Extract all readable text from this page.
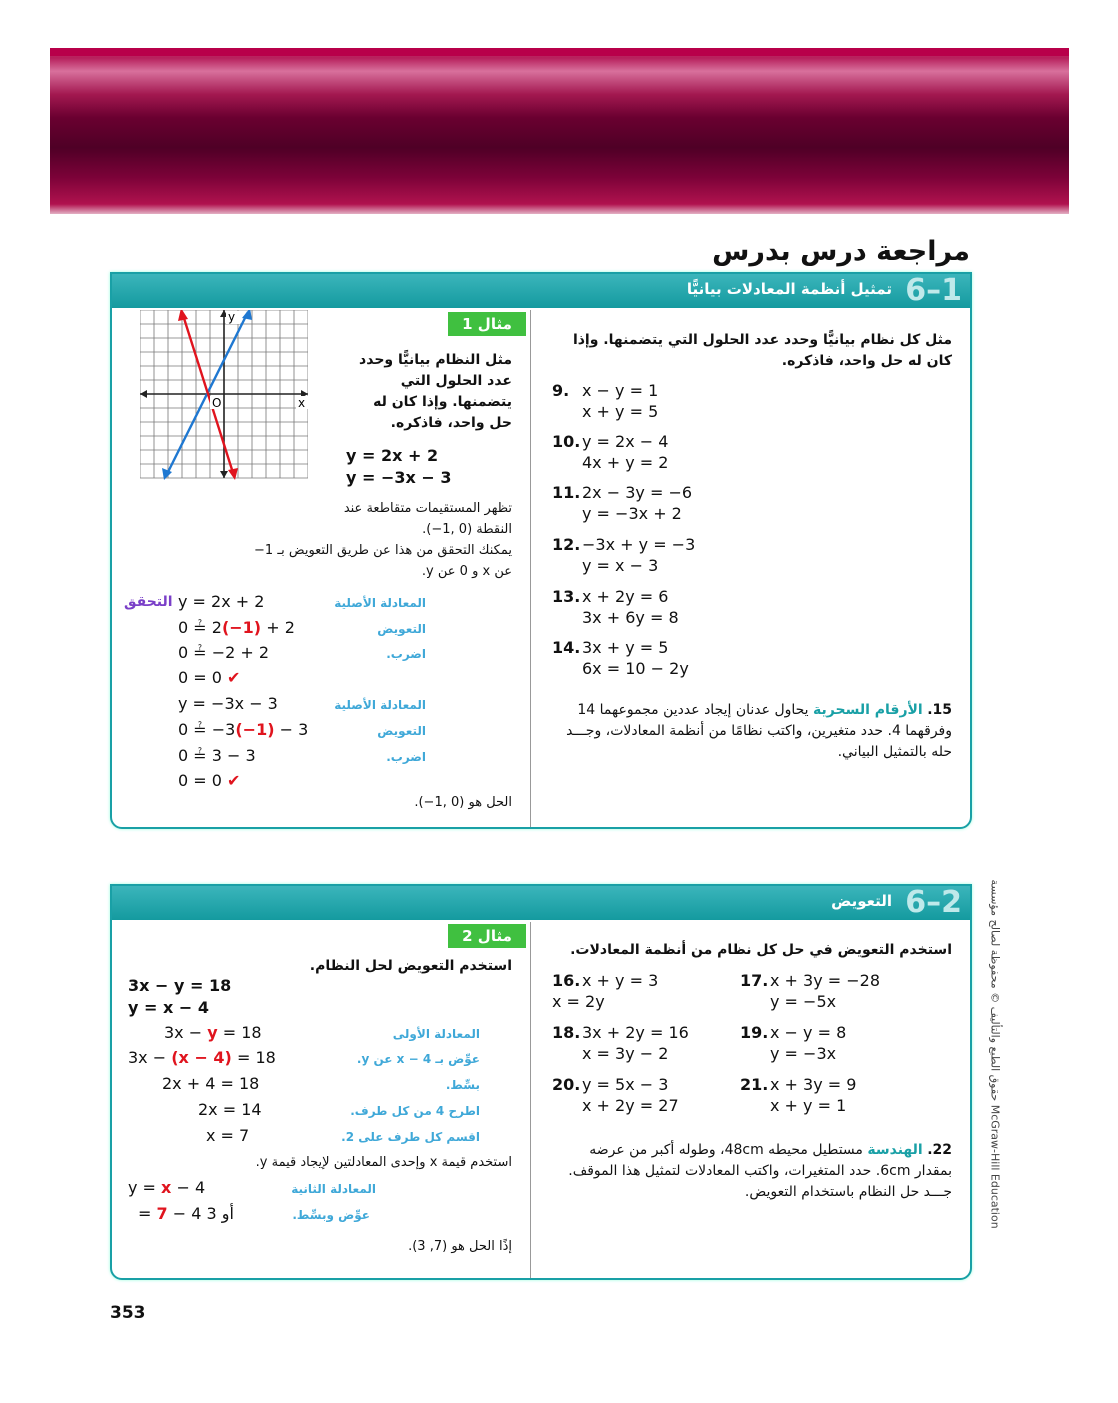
مراجعة درس بدرس
6–1
تمثيل أنظمة المعادلات بيانيًّا
مثل كل نظام بيانيًّا وحدد عدد الحلول التي يتضمنها. وإذا كان له حل واحد، فاذكره.
9. x − y = 1
x + y = 5
10. y = 2x − 4
4x + y = 2
11. 2x − 3y = −6
y = −3x + 2
12. −3x + y = −3
y = x − 3
13. x + 2y = 6
3x + 6y = 8
14. 3x + y = 5
6x = 10 − 2y
15. الأرقام السحرية يحاول عدنان إيجاد عددين مجموعهما 14 وفرقهما 4. حدد متغيرين، واكتب نظامًا من أنظمة المعادلات، وجـــد حله بالتمثيل البياني.
مثال 1
y
x
O
مثل النظام بيانيًّا وحدد عدد الحلول التي يتضمنها. وإذا كان له حل واحد، فاذكره.
y = 2x + 2
y = −3x − 3
تظهر المستقيمات متقاطعة عند النقطة (0 ,1−).
يمكنك التحقق من هذا عن طريق التعويض بـ 1− عن x و 0 عن y.
التحقق y = 2x + 2	المعادلة الأصلية
0 ≟ 2(−1) + 2	التعويض
0 ≟ −2 + 2	اضرب.
0 = 0 ✔
y = −3x − 3	المعادلة الأصلية
0 ≟ −3(−1) − 3	التعويض
0 ≟ 3 − 3	اضرب.
0 = 0 ✔
الحل هو (0 ,1−).
6–2
التعويض
استخدم التعويض في حل كل نظام من أنظمة المعادلات.
16. x + y = 3
x = 2y
17. x + 3y = −28
y = −5x
18. 3x + 2y = 16
x = 3y − 2
19. x − y = 8
y = −3x
20. y = 5x − 3
x + 2y = 27
21. x + 3y = 9
x + y = 1
22. الهندسة مستطيل محيطه 48cm، وطوله أكبر من عرضه بمقدار 6cm. حدد المتغيرات، واكتب المعادلات لتمثيل هذا الموقف. جـــد حل النظام باستخدام التعويض.
مثال 2
استخدم التعويض لحل النظام.
3x − y = 18
y = x − 4
3x − y = 18	المعادلة الأولى
3x − (x − 4) = 18	عوِّض بـ x − 4 عن y.
2x + 4 = 18	بسِّط.
2x = 14	اطرح 4 من كل طرف.
x = 7	اقسم كل طرف على 2.
استخدم قيمة x وإحدى المعادلتين لإيجاد قيمة y.
y = x − 4	المعادلة الثانية
= 7 − 4 أو 3	عوِّض وبسِّط.
إذًا الحل هو (7, 3).
حقوق الطبع والتأليف © محفوظة لصالح مؤسسة McGraw-Hill Education
353
